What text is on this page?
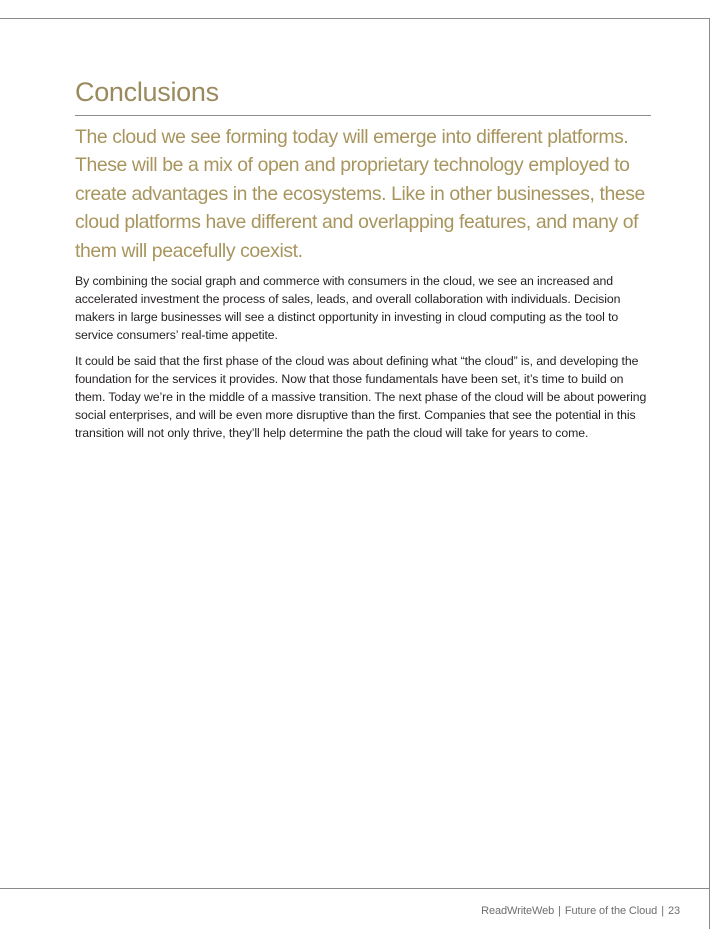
Conclusions

The cloud we see forming today will emerge into different platforms. These will be a mix of open and proprietary technology employed to create advantages in the ecosystems. Like in other businesses, these cloud platforms have different and overlapping features, and many of them will peacefully coexist.

By combining the social graph and commerce with consumers in the cloud, we see an increased and accelerated investment the process of sales, leads, and overall collaboration with individuals. Decision makers in large businesses will see a distinct opportunity in investing in cloud computing as the tool to service consumers’ real-time appetite.

It could be said that the first phase of the cloud was about defining what “the cloud” is, and developing the foundation for the services it provides. Now that those fundamentals have been set, it’s time to build on them. Today we’re in the middle of a massive transition. The next phase of the cloud will be about powering social enterprises, and will be even more disruptive than the first. Companies that see the potential in this transition will not only thrive, they’ll help determine the path the cloud will take for years to come.

ReadWriteWeb | Future of the Cloud | 23
